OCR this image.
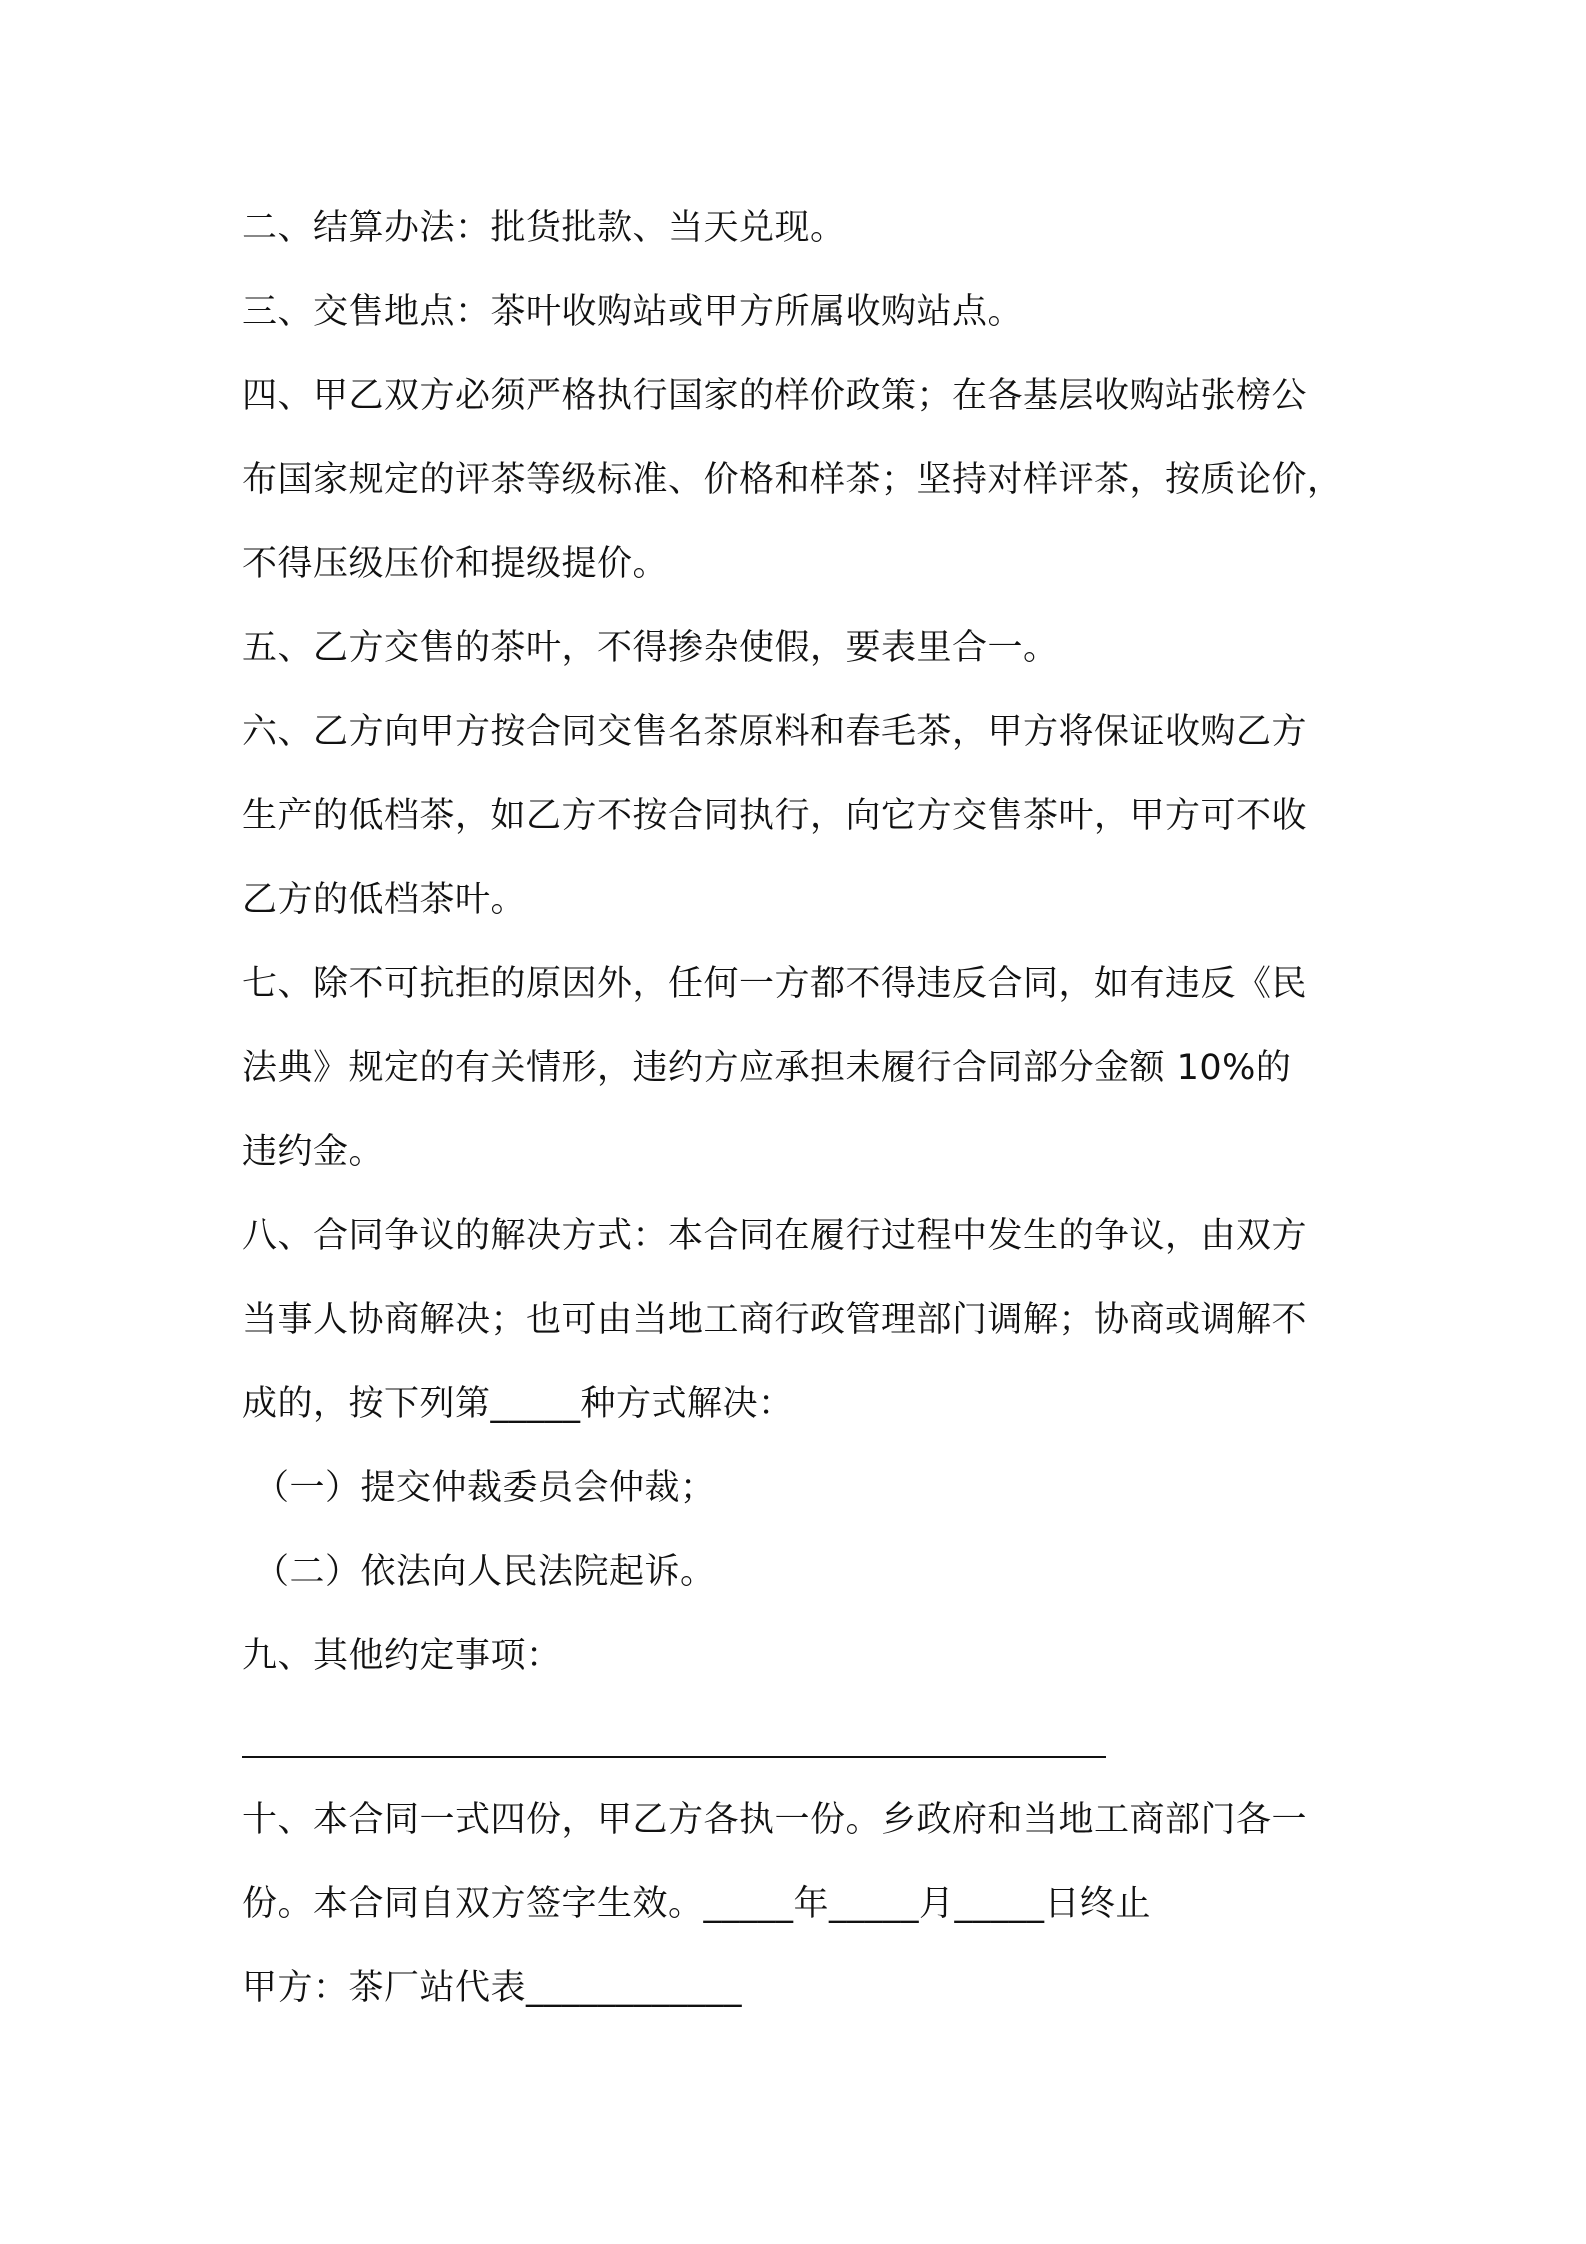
二、结算办法：批货批款、当天兑现。
三、交售地点：茶叶收购站或甲方所属收购站点。
四、甲乙双方必须严格执行国家的样价政策；在各基层收购站张榜公
布国家规定的评茶等级标准、价格和样茶；坚持对样评茶，按质论价，
不得压级压价和提级提价。
五、乙方交售的茶叶，不得掺杂使假，要表里合一。
六、乙方向甲方按合同交售名茶原料和春毛茶，甲方将保证收购乙方
生产的低档茶，如乙方不按合同执行，向它方交售茶叶，甲方可不收
乙方的低档茶叶。
七、除不可抗拒的原因外，任何一方都不得违反合同，如有违反《民
法典》规定的有关情形，违约方应承担未履行合同部分金额 10%的
违约金。
八、合同争议的解决方式：本合同在履行过程中发生的争议，由双方
当事人协商解决；也可由当地工商行政管理部门调解；协商或调解不
成的，按下列第_____种方式解决：
（一）提交仲裁委员会仲裁；
（二）依法向人民法院起诉。
九、其他约定事项：
十、本合同一式四份，甲乙方各执一份。乡政府和当地工商部门各一
份。本合同自双方签字生效。_____年_____月_____日终止
甲方：茶厂站代表____________
